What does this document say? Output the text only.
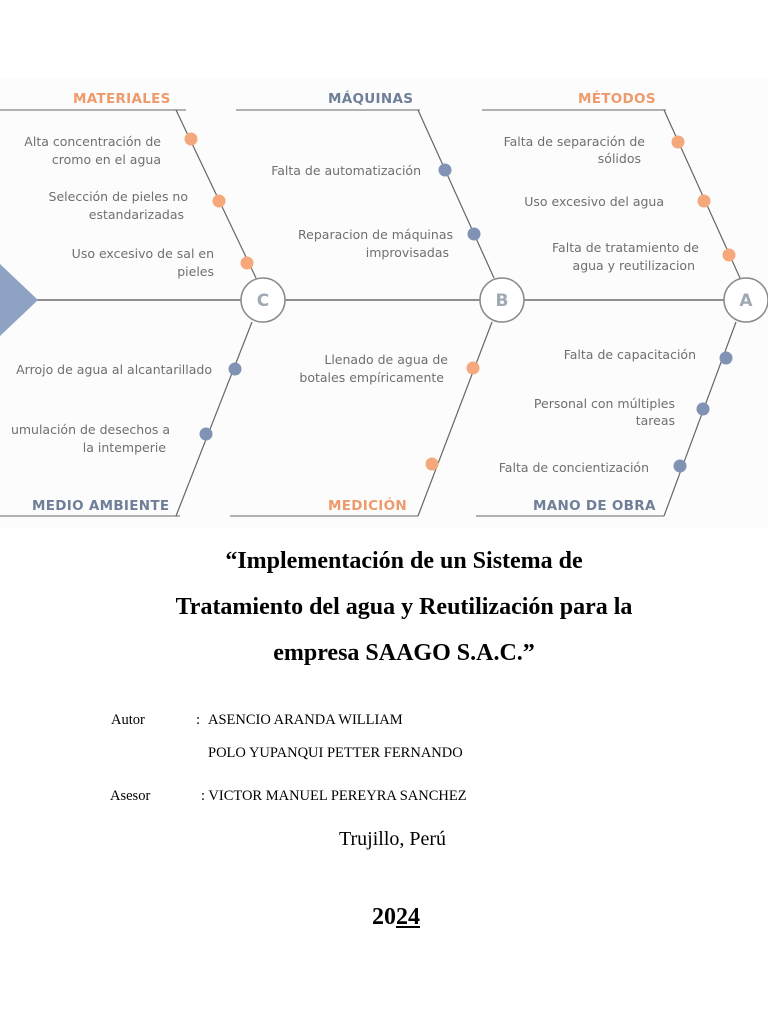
C	B	A
MATERIALES	MÁQUINAS	MÉTODOS
MEDIO AMBIENTE	MEDICIÓN	MANO DE OBRA
Alta concentración de
cromo en el agua
Selección de pieles no
estandarizadas
Uso excesivo de sal en
pieles
Falta de automatización
Reparacion de máquinas
improvisadas
Falta de separación de
sólidos
Uso excesivo del agua
Falta de tratamiento de
agua y reutilizacion
Arrojo de agua al alcantarillado
umulación de desechos a
la intemperie
Llenado de agua de
botales empíricamente
Falta de capacitación
Personal con múltiples
tareas
Falta de concientización
“Implementación de un Sistema de
Tratamiento del agua y Reutilización para la
empresa SAAGO S.A.C.”
Autor	: ASENCIO ARANDA WILLIAM
POLO YUPANQUI PETTER FERNANDO
Asesor	: VICTOR MANUEL PEREYRA SANCHEZ
Trujillo, Perú
2024
